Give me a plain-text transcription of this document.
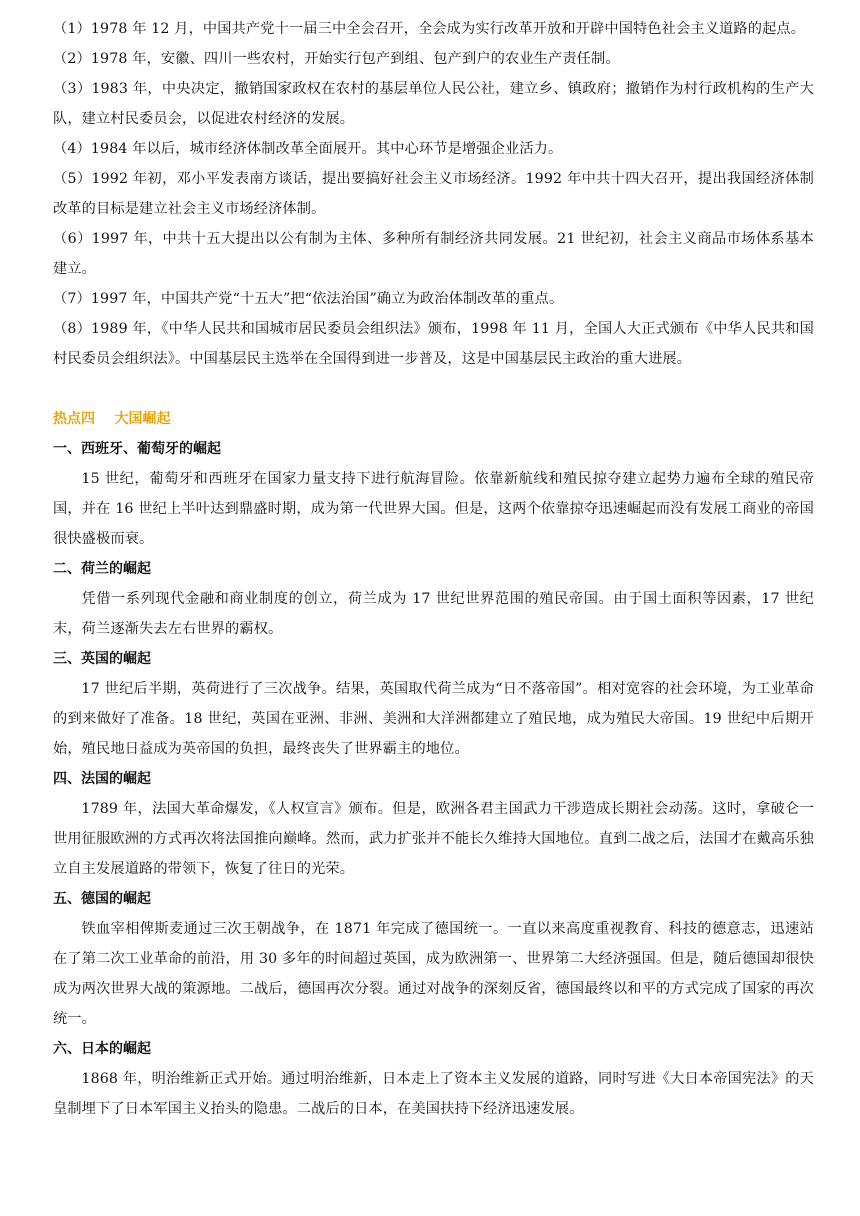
（1）1978 年 12 月，中国共产党十一届三中全会召开，全会成为实行改革开放和开辟中国特色社会主义道路的起点。

（2）1978 年，安徽、四川一些农村，开始实行包产到组、包产到户的农业生产责任制。

（3）1983 年，中央决定，撤销国家政权在农村的基层单位人民公社，建立乡、镇政府；撤销作为村行政机构的生产大队，建立村民委员会，以促进农村经济的发展。

（4）1984 年以后，城市经济体制改革全面展开。其中心环节是增强企业活力。

（5）1992 年初，邓小平发表南方谈话，提出要搞好社会主义市场经济。1992 年中共十四大召开，提出我国经济体制改革的目标是建立社会主义市场经济体制。

（6）1997 年，中共十五大提出以公有制为主体、多种所有制经济共同发展。21 世纪初，社会主义商品市场体系基本建立。

（7）1997 年，中国共产党“十五大”把“依法治国”确立为政治体制改革的重点。

（8）1989 年，《中华人民共和国城市居民委员会组织法》颁布，1998 年 11 月，全国人大正式颁布《中华人民共和国村民委员会组织法》。中国基层民主选举在全国得到进一步普及，这是中国基层民主政治的重大进展。

热点四    大国崛起

一、西班牙、葡萄牙的崛起

15 世纪，葡萄牙和西班牙在国家力量支持下进行航海冒险。依靠新航线和殖民掠夺建立起势力遍布全球的殖民帝国，并在 16 世纪上半叶达到鼎盛时期，成为第一代世界大国。但是，这两个依靠掠夺迅速崛起而没有发展工商业的帝国很快盛极而衰。

二、荷兰的崛起

凭借一系列现代金融和商业制度的创立，荷兰成为 17 世纪世界范围的殖民帝国。由于国土面积等因素，17 世纪末，荷兰逐渐失去左右世界的霸权。

三、英国的崛起

17 世纪后半期，英荷进行了三次战争。结果，英国取代荷兰成为“日不落帝国”。相对宽容的社会环境，为工业革命的到来做好了准备。18 世纪，英国在亚洲、非洲、美洲和大洋洲都建立了殖民地，成为殖民大帝国。19 世纪中后期开始，殖民地日益成为英帝国的负担，最终丧失了世界霸主的地位。

四、法国的崛起

1789 年，法国大革命爆发，《人权宣言》颁布。但是，欧洲各君主国武力干涉造成长期社会动荡。这时，拿破仑一世用征服欧洲的方式再次将法国推向巅峰。然而，武力扩张并不能长久维持大国地位。直到二战之后，法国才在戴高乐独立自主发展道路的带领下，恢复了往日的光荣。

五、德国的崛起

铁血宰相俾斯麦通过三次王朝战争，在 1871 年完成了德国统一。一直以来高度重视教育、科技的德意志，迅速站在了第二次工业革命的前沿，用 30 多年的时间超过英国，成为欧洲第一、世界第二大经济强国。但是，随后德国却很快成为两次世界大战的策源地。二战后，德国再次分裂。通过对战争的深刻反省，德国最终以和平的方式完成了国家的再次统一。

六、日本的崛起

1868 年，明治维新正式开始。通过明治维新，日本走上了资本主义发展的道路，同时写进《大日本帝国宪法》的天皇制埋下了日本军国主义抬头的隐患。二战后的日本，在美国扶持下经济迅速发展。
